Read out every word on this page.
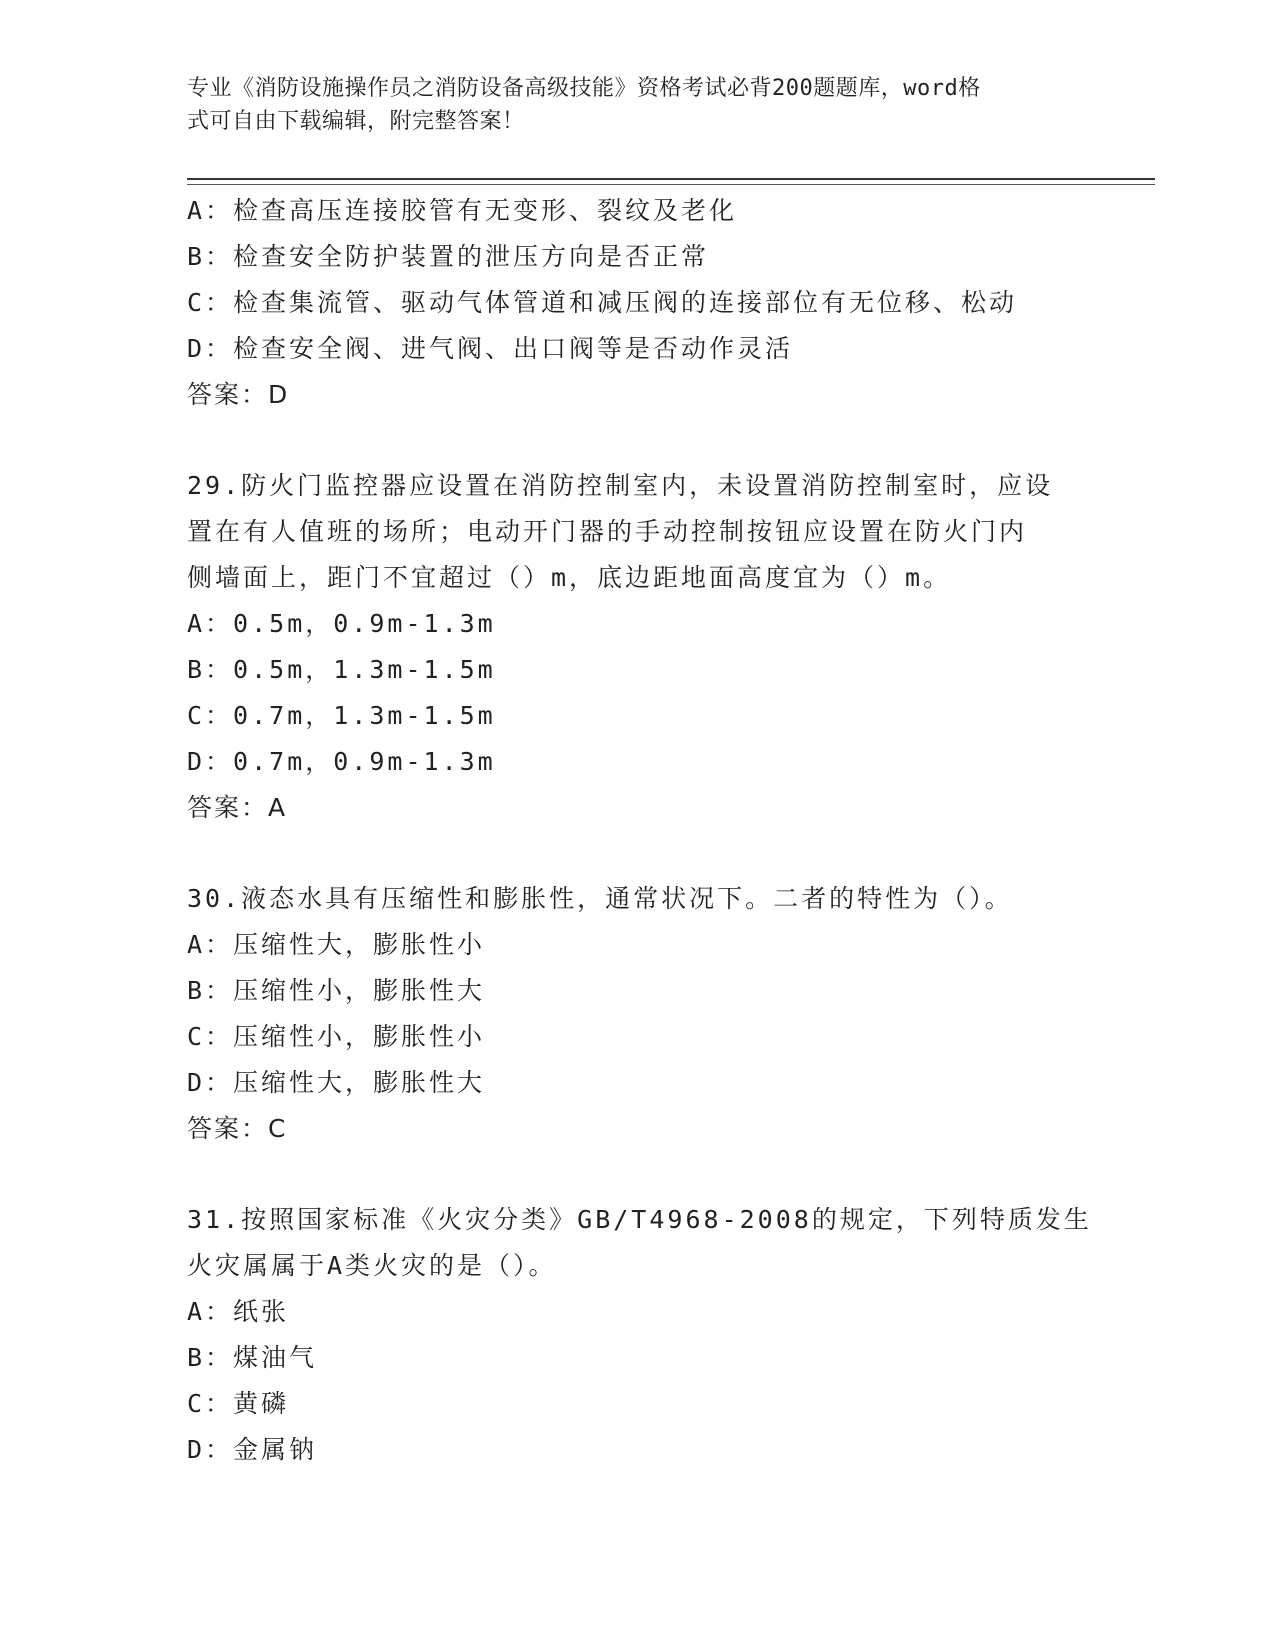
专业《消防设施操作员之消防设备高级技能》资格考试必背200题题库，word格
式可自由下载编辑，附完整答案！
A：检查高压连接胶管有无变形、裂纹及老化
B：检查安全防护装置的泄压方向是否正常
C：检查集流管、驱动气体管道和减压阀的连接部位有无位移、松动
D：检查安全阀、进气阀、出口阀等是否动作灵活
答案：D
29.防火门监控器应设置在消防控制室内，未设置消防控制室时，应设
置在有人值班的场所；电动开门器的手动控制按钮应设置在防火门内
侧墙面上，距门不宜超过（）m，底边距地面高度宜为（）m。
A：0.5m，0.9m-1.3m
B：0.5m，1.3m-1.5m
C：0.7m，1.3m-1.5m
D：0.7m，0.9m-1.3m
答案：A
30.液态水具有压缩性和膨胀性，通常状况下。二者的特性为（）。
A：压缩性大，膨胀性小
B：压缩性小，膨胀性大
C：压缩性小，膨胀性小
D：压缩性大，膨胀性大
答案：C
31.按照国家标准《火灾分类》GB/T4968-2008的规定，下列特质发生
火灾属属于A类火灾的是（）。
A：纸张
B：煤油气
C：黄磷
D：金属钠
